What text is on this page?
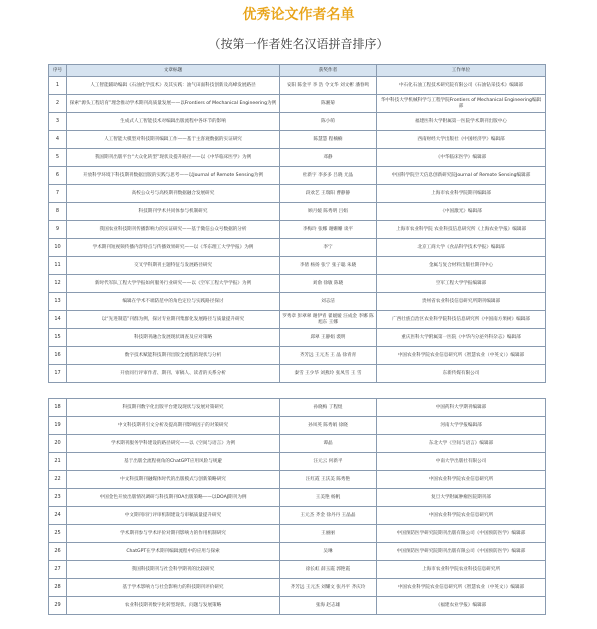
优秀论文作者名单
（按第一作者姓名汉语拼音排序）
序号	文章标题	获奖作者	工作单位
1	人工智能辅助编辑《石油化学技术》及其实践：油气田面科技创新及高峰发展路径	安阳 陈金平 李 浩 令文华 刘文彬 潘春鸣	中石化石油工程技术研究院有限公司《石油钻采技术》编辑部
2	探索“源头工程培育”理念推动学术期刊高质量发展——以Frontiers of Mechanical Engineering为例	陈湘菊	华中科技大学机械科学与工程学院Frontiers of Mechanical Engineering编辑部
3	生成式人工智能技术对编辑出版流程中各环节的影响	陈小萌	福建医科大学附属第一医院学术期刊出版中心
4	人工智能大模型对科技期刊编辑工作——基于主客观数据的实证研究	陈慧慧 程楠楠	西南财经大学出版社《中国经济学》编辑部
5	我国期刊出版平台“大众化转型”现状及提升路径——以《中华临床医学》为例	邓静	《中华临床医学》编辑部
6	开放科学环境下科技期刊数据出版的实践与思考——以Journal of Remote Sensing为例	杜新宇 李多多 吕晓 尤晶	中国科学院空天信息创新研究院Journal of Remote Sensing编辑部
7	高校公众号与高校期刊数据融合发展研究	段欢艺 王瑞阳 曹静静	上海市农业科学院期刊编辑部
8	科技期刊学术共同体参与机制研究	顾月媛 陈秀明 吕娟	《中国激光》编辑部
9	我国农业科技期刊传播影响力的实证研究——基于微信公众号数据的分析	李梅玲 张娜 谢姗姗 谈平	上海市农业科学院 农业科技信息研究所《上海农业学报》编辑部
10	学术期刊短视频传播内容特点与传播效果研究——以《华东理工大学学报》为例	李宁	北京工商大学《食品科学技术学报》编辑部
11	交叉学科期刊主题特征与发展路径研究	李倩 杨扬 张宁 张子聪 朱晓	金属与复合材料出版社期刊中心
12	新时代军队工程大学学报如何服务行业研究——以《空军工程大学学报》为例	刘俞 徐敏 陈晓	空军工程大学学报编辑部
13	编辑在学术不端防范中的角色定位与实践路径探讨	刘志洁	贵州省农业科技信息研究所期刊编辑部
14	以“先进制造”刊群为例，探讨专业期刊集群化发展路径与质量提升研究	罗秀章 彭翠翠 谢伊青 翟媛媛 汪成金 李娜 陈旭东 王娜	广西壮族自治区农业科学院科技信息研究所《中国南方果树》编辑部
15	科技期刊融合发展现状调查及应对策略	邱翠 王静娟 裘明	重庆医科大学附属第一医院《中华内分泌外科杂志》编辑部
16	数字技术赋能科技期刊出版全流程的现状与分析	齐芳远 王元杰 王 晶 徐青青	中国农业科学院农业信息研究所《智慧农业（中英文）》编辑部
17	开放同行评审作者、期刊、审稿人、读者的关系分析	秦雪 王少华 刘燕玲 张凤雪 王 雪	东新传媒有限公司
18	科技期刊数字化出版平台建设现状与发展对策研究	孙晓梅 丁程煜	中国药科大学期刊编辑部
19	中文科技期刊引文分析及提高期刊影响因子的对策研究	孙凤英 陈秀娟 徐晓	河南大学学报编辑部
20	学术期刊服务学科建设的路径研究——以《空间与语言》为例	谭晶	东北大学《空间与语言》编辑部
21	基于出版全流程视角的ChatGPT应用风险与规避	汪元云 何新平	中南大学出版社有限公司
22	中文科技期刊融媒体时代的出版模式与创新策略研究	汪红霞 王沃美 陈秀艳	中国农业科学院农业信息研究所
23	中国金色开放出版情况调研与科技期刊OA出版策略——以DOAJ期刊为例	王美艳 杨帆	复旦大学附属肿瘤医院期刊部
24	中文期刊同行评审机制建设与审稿质量提升研究	王元杰 齐金 徐丹丹 王晶晶	中国农业科学院农业信息研究所
25	学术期刊参与学术评价对期刊影响力的作用机制研究	王丽丽	中国预防医学研究院期刊出版有限公司《中国预防医学》编辑部
26	ChatGPT在学术期刊编辑流程中的应用与探索	吴琳	中国预防医学研究院期刊出版有限公司《中国预防医学》编辑部
27	我国科技期刊与社会科学期刊的比较研究	徐长虹 薛玉霞 郭艳霞	上海市农业科学院农业科技信息研究所
28	基于学术影响力与社会影响力的科技期刊评价研究	齐芳远 王元杰 刘耀文 张丹平 齐庆玲	中国农业科学院农业信息研究所《智慧农业（中英文）》编辑部
29	农业科技期刊数字化转型现状、问题与发展策略	张海 赵志雄	《福建农业学报》编辑部
